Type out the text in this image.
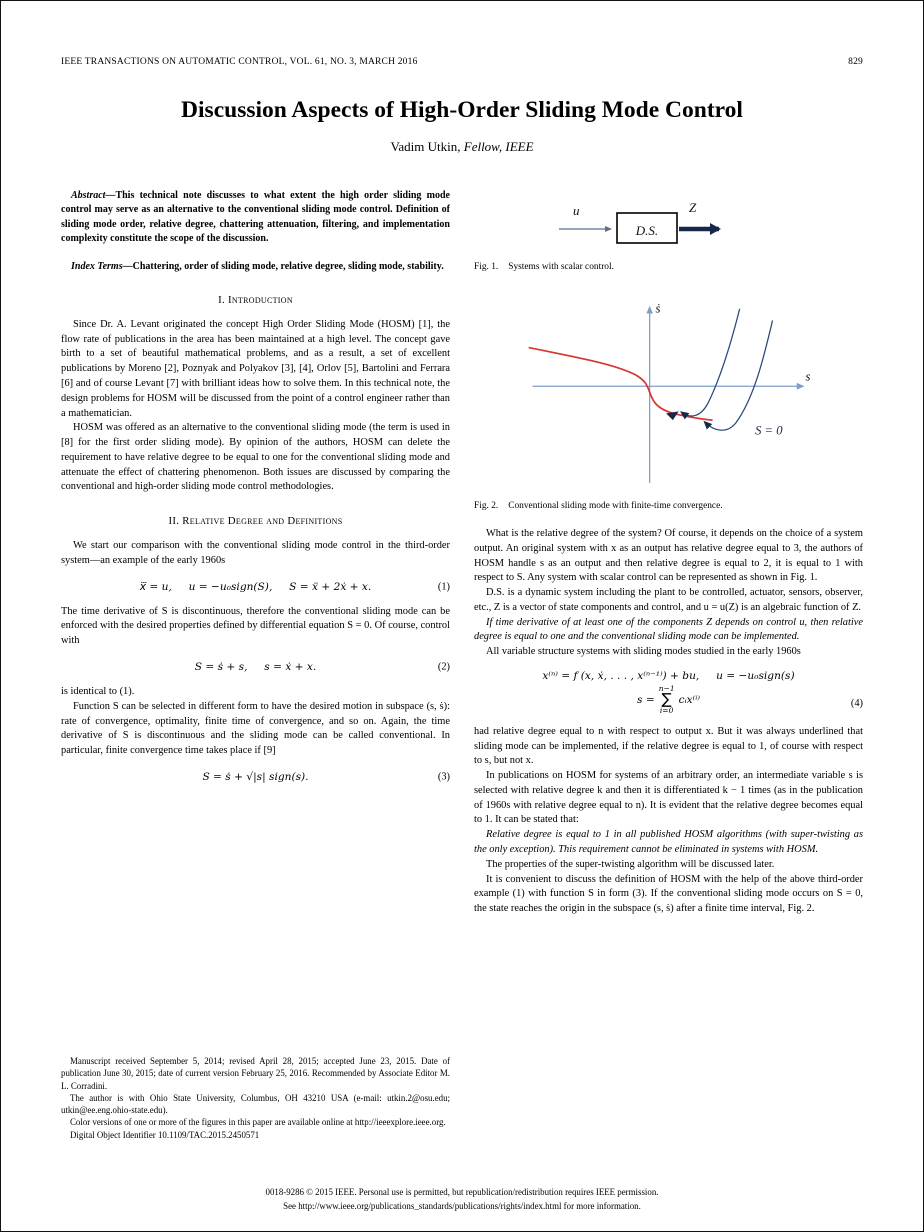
IEEE TRANSACTIONS ON AUTOMATIC CONTROL, VOL. 61, NO. 3, MARCH 2016	829
Discussion Aspects of High-Order Sliding Mode Control
Vadim Utkin, Fellow, IEEE

Abstract—This technical note discusses to what extent the high order sliding mode control may serve as an alternative to the conventional sliding mode control. Definition of sliding mode order, relative degree, chattering attenuation, filtering, and implementation complexity constitute the scope of the discussion.

Index Terms—Chattering, order of sliding mode, relative degree, sliding mode, stability.

I. Introduction

Since Dr. A. Levant originated the concept High Order Sliding Mode (HOSM) [1], the flow rate of publications in the area has been maintained at a high level. The concept gave birth to a set of beautiful mathematical problems, and as a result, a set of excellent publications by Moreno [2], Poznyak and Polyakov [3], [4], Orlov [5], Bartolini and Ferrara [6] and of course Levant [7] with brilliant ideas how to solve them. In this technical note, the design problems for HOSM will be discussed from the point of a control engineer rather than a mathematician.

HOSM was offered as an alternative to the conventional sliding mode (the term is used in [8] for the first order sliding mode). By opinion of the authors, HOSM can delete the requirement to have relative degree to be equal to one for the conventional sliding mode and attenuate the effect of chattering phenomenon. Both issues are discussed by comparing the conventional and high-order sliding mode control methodologies.

II. Relative Degree and Definitions

We start our comparison with the conventional sliding mode control in the third-order system—an example of the early 1960s

x⃛ = u,     u = −u₀sign(S),     S = ẍ + 2ẋ + x.	(1)

The time derivative of S is discontinuous, therefore the conventional sliding mode can be enforced with the desired properties defined by differential equation S = 0. Of course, control with

S = ṡ + s,     s = ẋ + x.	(2)

is identical to (1).

Function S can be selected in different form to have the desired motion in subspace (s, ṡ): rate of convergence, optimality, finite time of convergence, and so on. Again, the time derivative of S is discontinuous and the sliding mode can be called conventional. In particular, finite convergence time takes place if [9]

S = ṡ + √|s| sign(s).	(3)

Manuscript received September 5, 2014; revised April 28, 2015; accepted June 23, 2015. Date of publication June 30, 2015; date of current version February 25, 2016. Recommended by Associate Editor M. L. Corradini.

The author is with Ohio State University, Columbus, OH 43210 USA (e-mail: utkin.2@osu.edu; utkin@ee.eng.ohio-state.edu).

Color versions of one or more of the figures in this paper are available online at http://ieeexplore.ieee.org.

Digital Object Identifier 10.1109/TAC.2015.2450571

u
D.S.
Z

Fig. 1. Systems with scalar control.

ṡ
s
S = 0

Fig. 2. Conventional sliding mode with finite-time convergence.

What is the relative degree of the system? Of course, it depends on the choice of a system output. An original system with x as an output has relative degree equal to 3, the authors of HOSM handle s as an output and then relative degree is equal to 2, it is equal to 1 with respect to S. Any system with scalar control can be represented as shown in Fig. 1.

D.S. is a dynamic system including the plant to be controlled, actuator, sensors, observer, etc., Z is a vector of state components and control, and u = u(Z) is an algebraic function of Z.

If time derivative of at least one of the components Z depends on control u, then relative degree is equal to one and the conventional sliding mode can be implemented.

All variable structure systems with sliding modes studied in the early 1960s

x⁽ⁿ⁾ = f (x, ẋ, . . . , x⁽ⁿ⁻¹⁾) + bu,     u = −u₀sign(s)
s =
n−1
∑
i=0
cᵢx⁽ⁱ⁾	(4)

had relative degree equal to n with respect to output x. But it was always underlined that sliding mode can be implemented, if the relative degree is equal to 1, of course with respect to s, but not x.

In publications on HOSM for systems of an arbitrary order, an intermediate variable s is selected with relative degree k and then it is differentiated k − 1 times (as in the publication of 1960s with relative degree equal to n). It is evident that the relative degree becomes equal to 1. It can be stated that:

Relative degree is equal to 1 in all published HOSM algorithms (with super-twisting as the only exception). This requirement cannot be eliminated in systems with HOSM.

The properties of the super-twisting algorithm will be discussed later.

It is convenient to discuss the definition of HOSM with the help of the above third-order example (1) with function S in form (3). If the conventional sliding mode occurs on S = 0, the state reaches the origin in the subspace (s, ṡ) after a finite time interval, Fig. 2.

0018-9286 © 2015 IEEE. Personal use is permitted, but republication/redistribution requires IEEE permission.
See http://www.ieee.org/publications_standards/publications/rights/index.html for more information.
